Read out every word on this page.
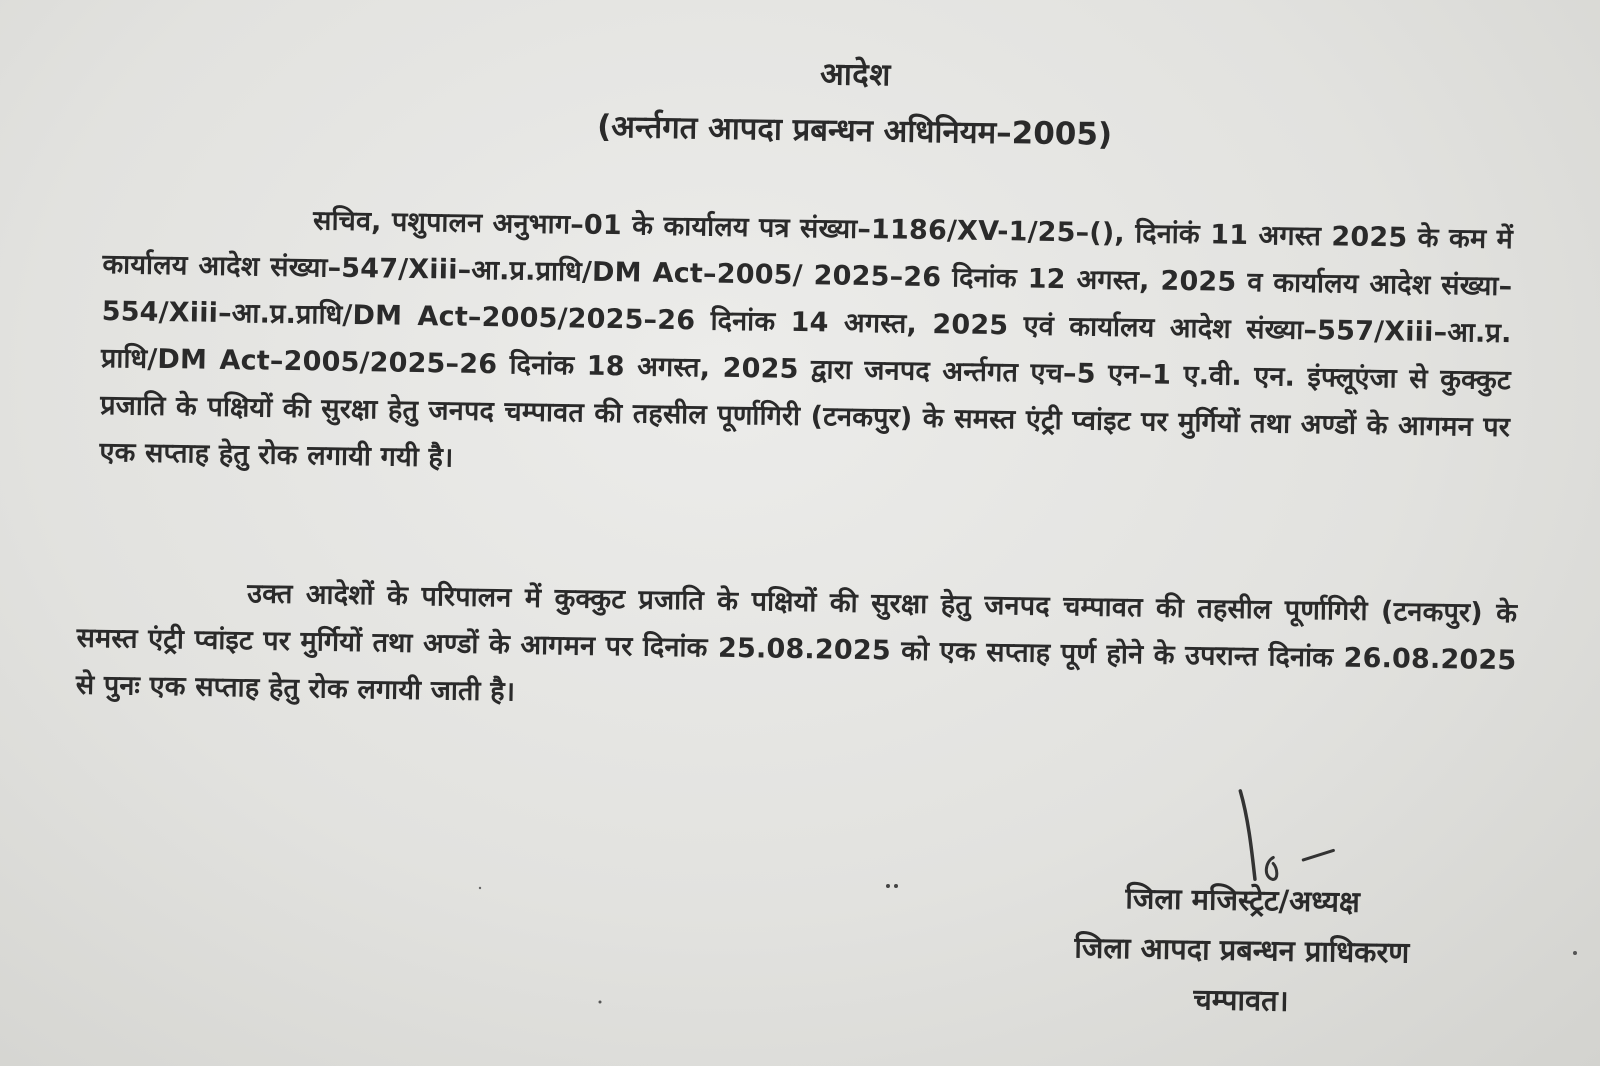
आदेश
(अर्न्तगत आपदा प्रबन्धन अधिनियम–2005)

सचिव, पशुपालन अनुभाग–01 के कार्यालय पत्र संख्या–1186/XV-1/25–(), दिनांकं 11 अगस्त 2025 के कम में कार्यालय आदेश संख्या–547/Xiii–आ.प्र.प्राधि/DM Act–2005/ 2025–26 दिनांक 12 अगस्त, 2025 व कार्यालय आदेश संख्या–554/Xiii–आ.प्र.प्राधि/DM Act–2005/2025–26 दिनांक 14 अगस्त, 2025 एवं कार्यालय आदेश संख्या–557/Xiii–आ.प्र. प्राधि/DM Act–2005/2025–26 दिनांक 18 अगस्त, 2025 द्वारा जनपद अर्न्तगत एच–5 एन–1 ए.वी. एन. इंफ्लूएंजा से कुक्कुट प्रजाति के पक्षियों की सुरक्षा हेतु जनपद चम्पावत की तहसील पूर्णागिरी (टनकपुर) के समस्त एंट्री प्वांइट पर मुर्गियों तथा अण्डों के आगमन पर एक सप्ताह हेतु रोक लगायी गयी है।

उक्त आदेशों के परिपालन में कुक्कुट प्रजाति के पक्षियों की सुरक्षा हेतु जनपद चम्पावत की तहसील पूर्णागिरी (टनकपुर) के समस्त एंट्री प्वांइट पर मुर्गियों तथा अण्डों के आगमन पर दिनांक 25.08.2025 को एक सप्ताह पूर्ण होने के उपरान्त दिनांक 26.08.2025 से पुनः एक सप्ताह हेतु रोक लगायी जाती है।

जिला मजिस्ट्रेट/अध्यक्ष
जिला आपदा प्रबन्धन प्राधिकरण
चम्पावत।
